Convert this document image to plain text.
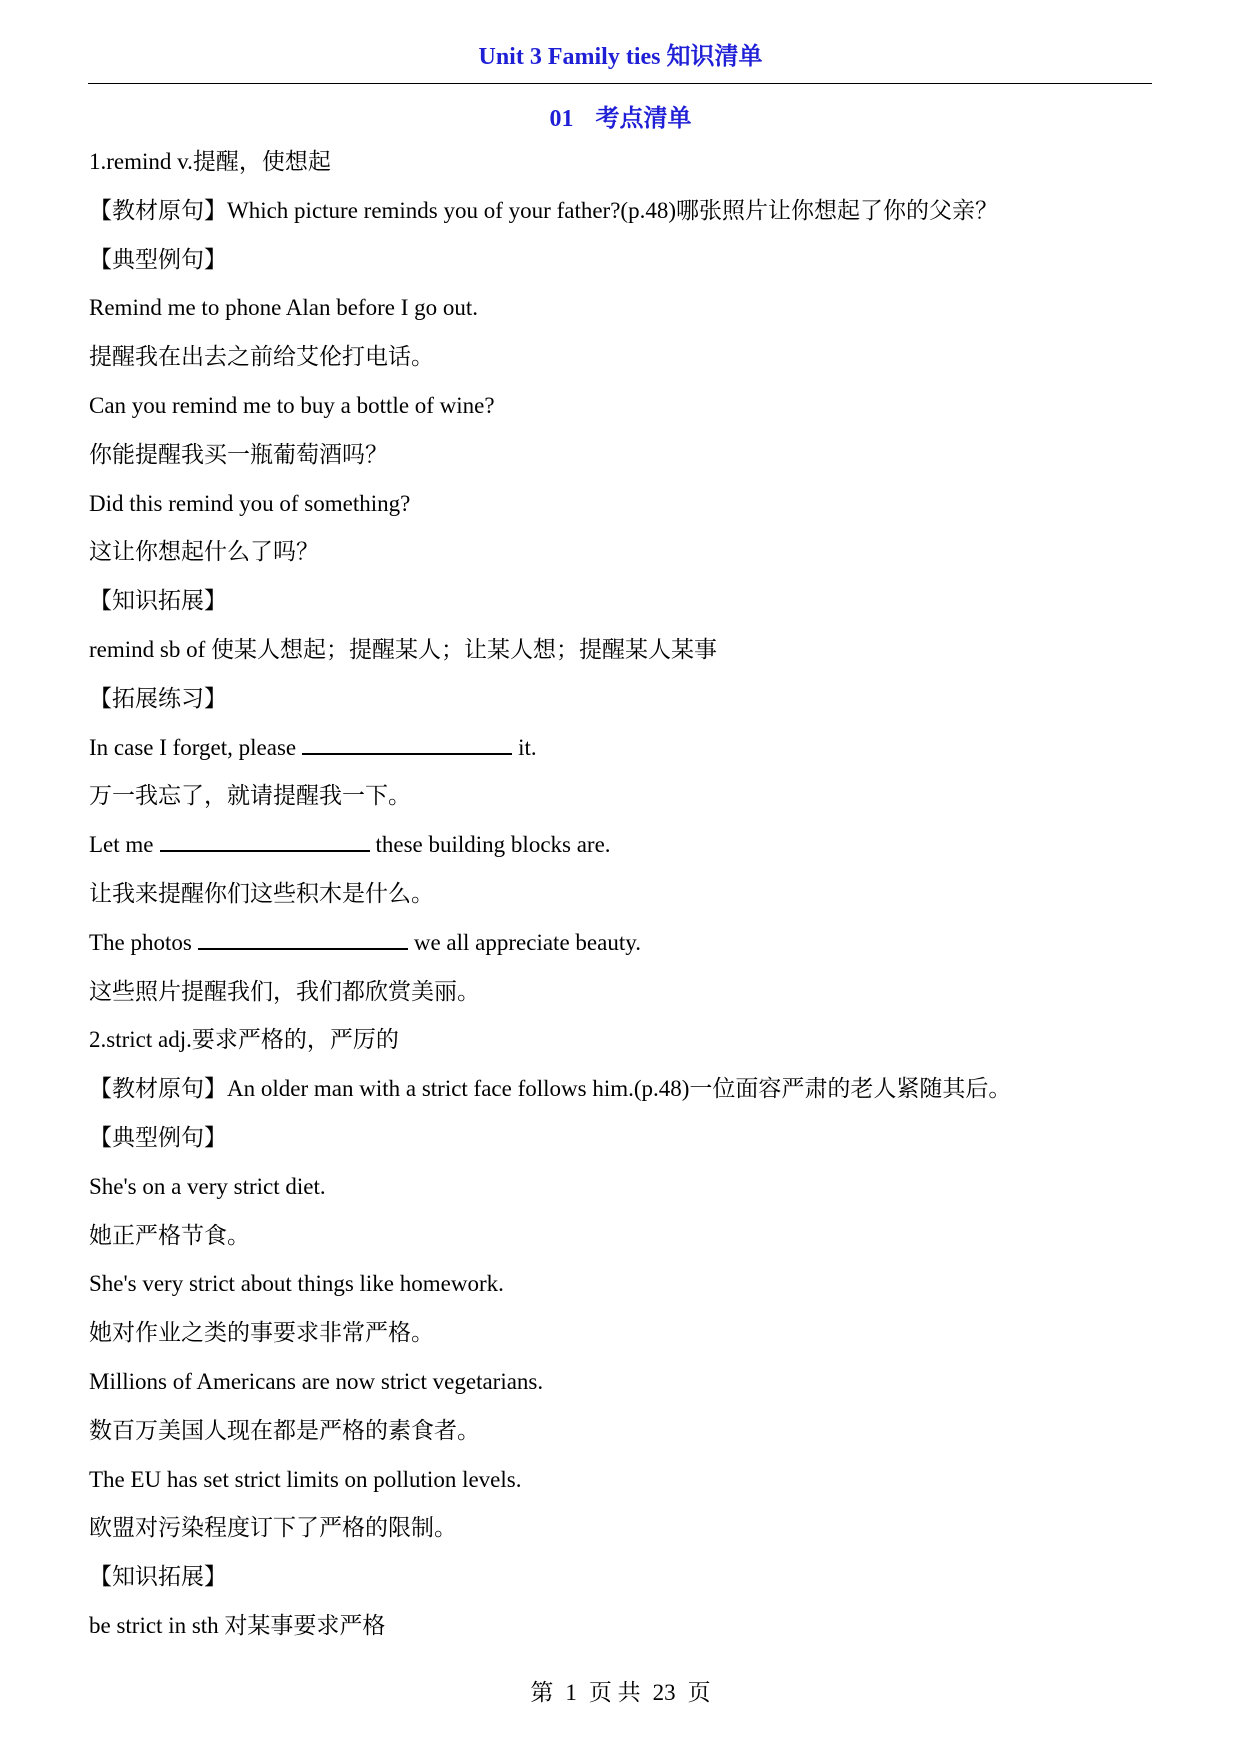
Unit 3 Family ties 知识清单
01 考点清单
1.remind v.提醒，使想起
【教材原句】Which picture reminds you of your father?(p.48)哪张照片让你想起了你的父亲？
【典型例句】
Remind me to phone Alan before I go out.
提醒我在出去之前给艾伦打电话。
Can you remind me to buy a bottle of wine?
你能提醒我买一瓶葡萄酒吗？
Did this remind you of something?
这让你想起什么了吗？
【知识拓展】
remind sb of 使某人想起；提醒某人；让某人想；提醒某人某事
【拓展练习】
In case I forget, please	it.
万一我忘了，就请提醒我一下。
Let me	these building blocks are.
让我来提醒你们这些积木是什么。
The photos	we all appreciate beauty.
这些照片提醒我们，我们都欣赏美丽。
2.strict adj.要求严格的，严厉的
【教材原句】An older man with a strict face follows him.(p.48)一位面容严肃的老人紧随其后。
【典型例句】
She's on a very strict diet.
她正严格节食。
She's very strict about things like homework.
她对作业之类的事要求非常严格。
Millions of Americans are now strict vegetarians.
数百万美国人现在都是严格的素食者。
The EU has set strict limits on pollution levels.
欧盟对污染程度订下了严格的限制。
【知识拓展】
be strict in sth 对某事要求严格
第 1 页 共 23 页
